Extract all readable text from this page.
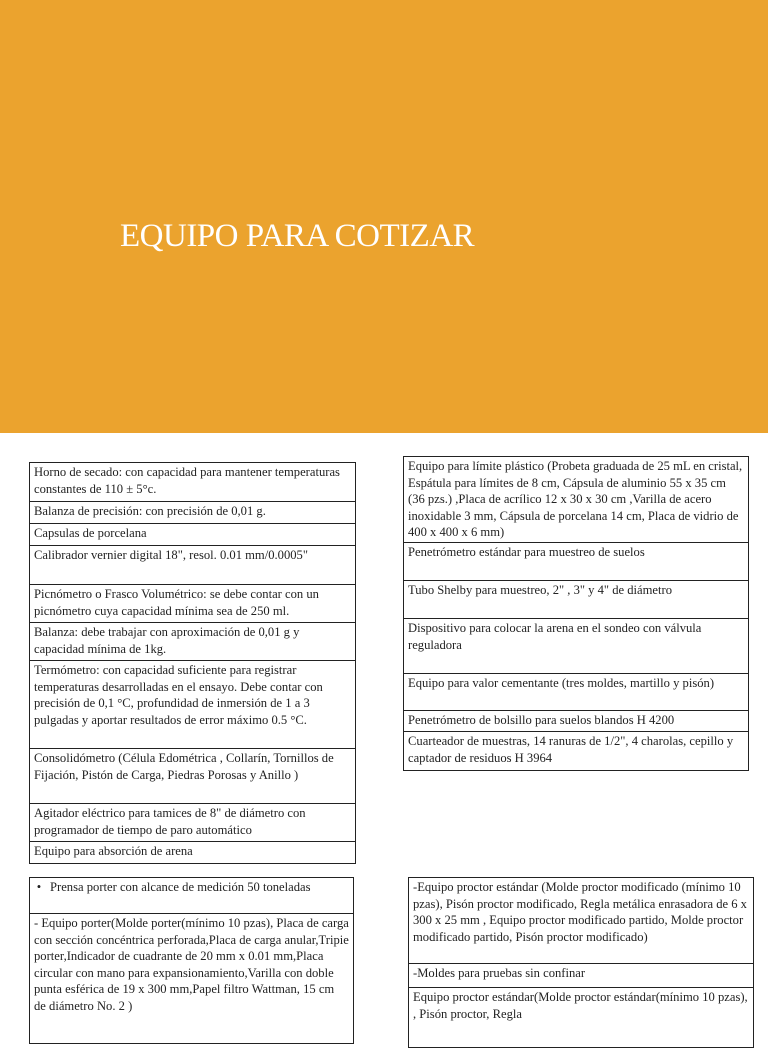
EQUIPO PARA COTIZAR
Horno de secado: con capacidad para mantener temperaturas constantes de 110 ± 5°c.
Balanza de precisión: con precisión de 0,01 g.
Capsulas de porcelana
Calibrador vernier digital 18", resol. 0.01 mm/0.0005"
Picnómetro o Frasco Volumétrico: se debe contar con un picnómetro cuya capacidad mínima sea de 250 ml.
Balanza: debe trabajar con aproximación de 0,01 g y capacidad mínima de 1kg.
Termómetro: con capacidad suficiente para registrar temperaturas desarrolladas en el ensayo. Debe contar con precisión de 0,1 °C, profundidad de inmersión de 1 a 3 pulgadas y aportar resultados de error máximo 0.5 °C.
Consolidómetro (Célula Edométrica , Collarín, Tornillos de Fijación, Pistón de Carga, Piedras Porosas y Anillo )
Agitador eléctrico para tamices de 8" de diámetro con programador de tiempo de paro automático
Equipo para absorción de arena
Equipo para límite plástico (Probeta graduada de 25 mL en cristal, Espátula para límites de 8 cm, Cápsula de aluminio 55 x 35 cm (36 pzs.) ,Placa de acrílico 12 x 30 x 30 cm ,Varilla de acero inoxidable 3 mm, Cápsula de porcelana 14 cm, Placa de vidrio de 400 x 400 x 6 mm)
Penetrómetro estándar para muestreo de suelos
Tubo Shelby para muestreo, 2" , 3" y 4" de diámetro
Dispositivo para colocar la arena en el sondeo con válvula reguladora
Equipo para valor cementante (tres moldes, martillo y pisón)
Penetrómetro de bolsillo para suelos blandos H 4200
Cuarteador de muestras, 14 ranuras de 1/2", 4 charolas, cepillo y captador de residuos H 3964
• Prensa porter con alcance de medición 50 toneladas

- Equipo porter(Molde porter(mínimo 10 pzas), Placa de carga con sección concéntrica perforada,Placa de carga anular,Tripie porter,Indicador de cuadrante de 20 mm x 0.01 mm,Placa circular con mano para expansionamiento,Varilla con doble punta esférica de 19 x 300 mm,Papel filtro Wattman, 15 cm de diámetro No. 2 )
-Equipo proctor estándar (Molde proctor modificado (mínimo 10 pzas), Pisón proctor modificado, Regla metálica enrasadora de 6 x 300 x 25 mm , Equipo proctor modificado partido, Molde proctor modificado partido, Pisón proctor modificado)
-Moldes para pruebas sin confinar
Equipo proctor estándar(Molde proctor estándar(mínimo 10 pzas), , Pisón proctor, Regla
